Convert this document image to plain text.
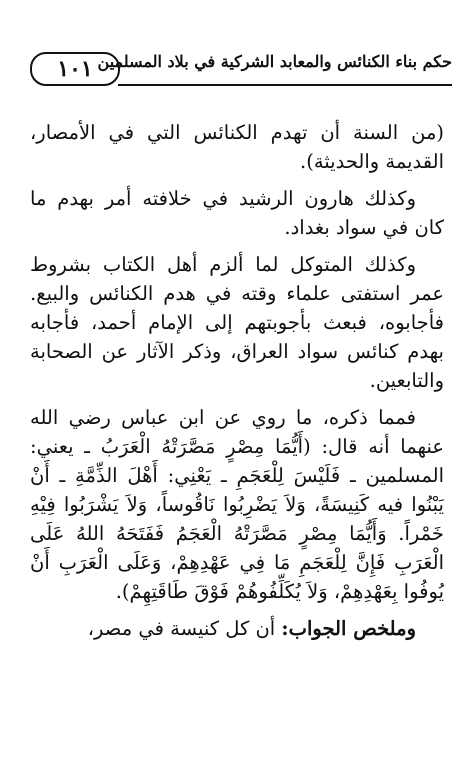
١٠١ حكم بناء الكنائس والمعابد الشركية في بلاد المسلمين

(من السنة أن تهدم الكنائس التي في الأمصار، القديمة والحديثة).

وكذلك هارون الرشيد في خلافته أمر بهدم ما كان في سواد بغداد.

وكذلك المتوكل لما ألزم أهل الكتاب بشروط عمر استفتى علماء وقته في هدم الكنائس والبيع. فأجابوه، فبعث بأجوبتهم إلى الإمام أحمد، فأجابه بهدم كنائس سواد العراق، وذكر الآثار عن الصحابة والتابعين.

فمما ذكره، ما روي عن ابن عباس رضي الله عنهما أنه قال: (أَيُّمَا مِصْرٍ مَصَّرَتْهُ الْعَرَبُ ـ يعني: المسلمين ـ فَلَيْسَ لِلْعَجَمِ ـ يَعْنِي: أَهْلَ الذِّمَّةِ ـ أَنْ يَبْنُوا فيه كَنِيسَةً، وَلاَ يَضْرِبُوا نَاقُوساً، وَلاَ يَشْرَبُوا فِيْهِ خَمْراً. وَأَيُّمَا مِصْرٍ مَصَّرَتْهُ الْعَجَمُ فَفَتَحَهُ اللهُ عَلَى الْعَرَبِ فَإِنَّ لِلْعَجَمِ مَا فِي عَهْدِهِمْ، وَعَلَى الْعَرَبِ أَنْ يُوفُوا بِعَهْدِهِمْ، وَلاَ يُكَلِّفُوهُمْ فَوْقَ طَاقَتِهِمْ).

وملخص الجواب: أن كل كنيسة في مصر،
